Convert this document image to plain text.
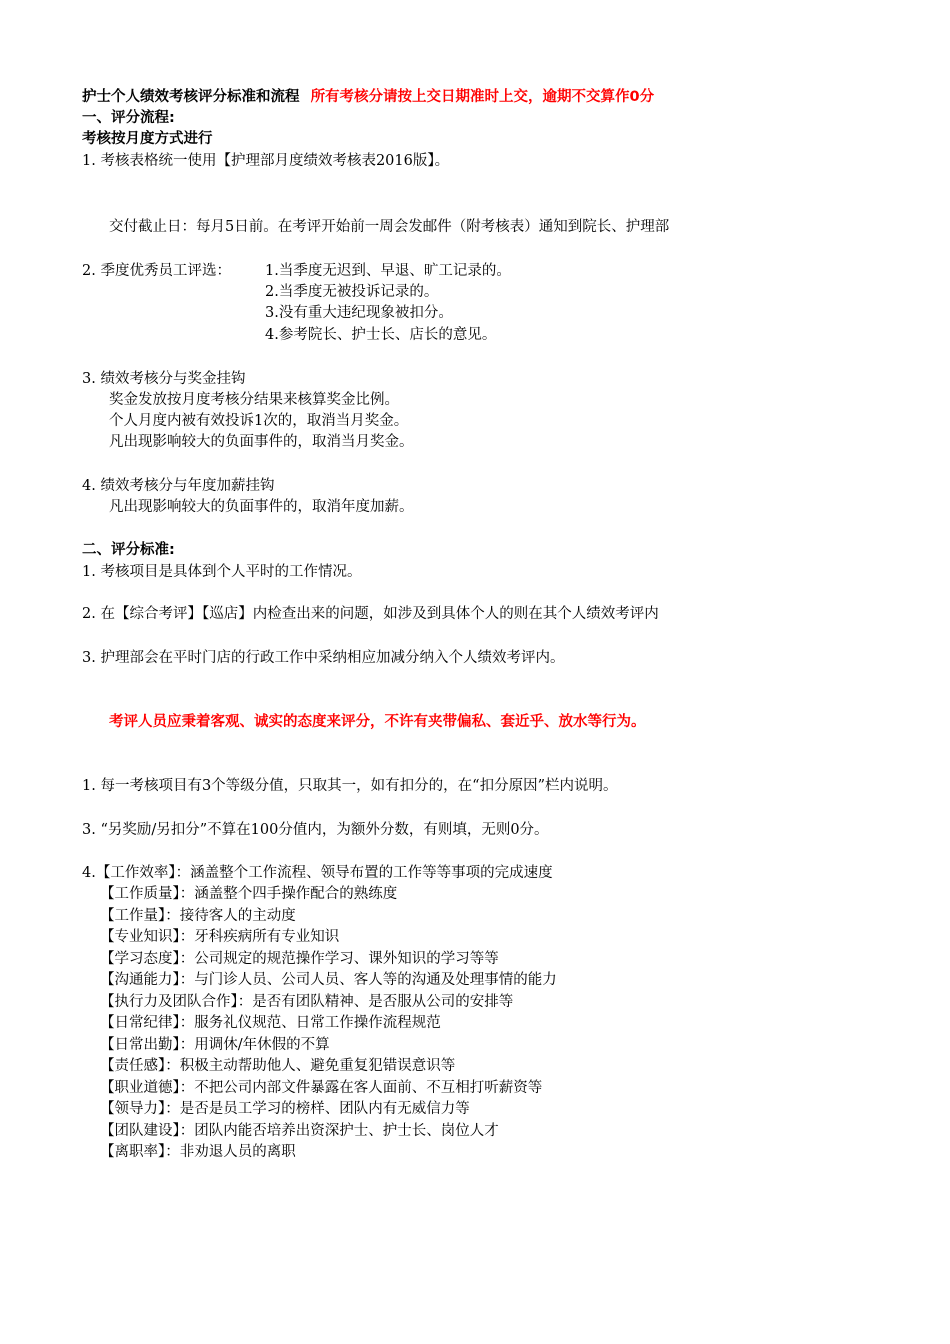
护士个人绩效考核评分标准和流程 所有考核分请按上交日期准时上交，逾期不交算作0分
一、评分流程:
考核按月度方式进行
1. 考核表格统一使用【护理部月度绩效考核表2016版】。
交付截止日：每月5日前。在考评开始前一周会发邮件（附考核表）通知到院长、护理部
2. 季度优秀员工评选： 1.当季度无迟到、早退、旷工记录的。
2.当季度无被投诉记录的。
3.没有重大违纪现象被扣分。
4.参考院长、护士长、店长的意见。
3. 绩效考核分与奖金挂钩
奖金发放按月度考核分结果来核算奖金比例。
个人月度内被有效投诉1次的，取消当月奖金。
凡出现影响较大的负面事件的，取消当月奖金。
4. 绩效考核分与年度加薪挂钩
凡出现影响较大的负面事件的，取消年度加薪。
二、评分标准:
1. 考核项目是具体到个人平时的工作情况。
2. 在【综合考评】【巡店】内检查出来的问题，如涉及到具体个人的则在其个人绩效考评内
3. 护理部会在平时门店的行政工作中采纳相应加减分纳入个人绩效考评内。
考评人员应秉着客观、诚实的态度来评分，不许有夹带偏私、套近乎、放水等行为。
1. 每一考核项目有3个等级分值，只取其一，如有扣分的，在“扣分原因”栏内说明。
3. “另奖励/另扣分”不算在100分值内，为额外分数，有则填，无则0分。
4.【工作效率】：涵盖整个工作流程、领导布置的工作等等事项的完成速度
【工作质量】：涵盖整个四手操作配合的熟练度
【工作量】：接待客人的主动度
【专业知识】：牙科疾病所有专业知识
【学习态度】：公司规定的规范操作学习、课外知识的学习等等
【沟通能力】：与门诊人员、公司人员、客人等的沟通及处理事情的能力
【执行力及团队合作】：是否有团队精神、是否服从公司的安排等
【日常纪律】：服务礼仪规范、日常工作操作流程规范
【日常出勤】：用调休/年休假的不算
【责任感】：积极主动帮助他人、避免重复犯错误意识等
【职业道德】：不把公司内部文件暴露在客人面前、不互相打听薪资等
【领导力】：是否是员工学习的榜样、团队内有无威信力等
【团队建设】：团队内能否培养出资深护士、护士长、岗位人才
【离职率】：非劝退人员的离职
